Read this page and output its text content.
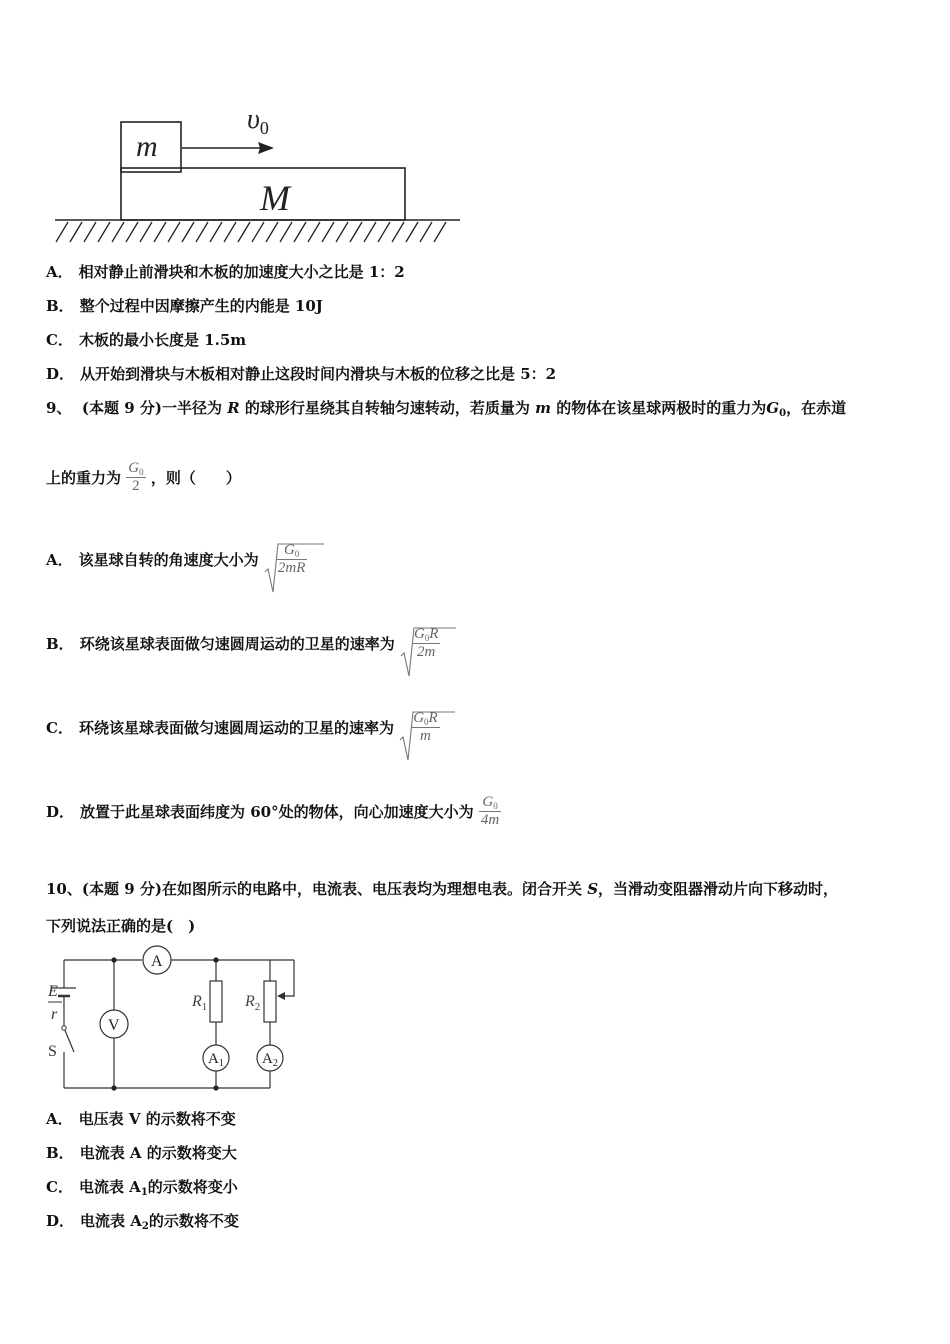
m
$\upsilon_0$
M
A． 相对静止前滑块和木板的加速度大小之比是 1：2
B． 整个过程中因摩擦产生的内能是 10J
C． 木板的最小长度是 1.5m
D． 从开始到滑块与木板相对静止这段时间内滑块与木板的位移之比是 5：2
9、 (本题 9 分)一半径为 R 的球形行星绕其自转轴匀速转动，若质量为 m 的物体在该星球两极时的重力为$G_0$，在赤道
上的重力为 $\frac{G_0}{2}$ ，则（　　）
A． 该星球自转的角速度大小为 $\frac{G_0}{2mR}$
B． 环绕该星球表面做匀速圆周运动的卫星的速率为 $\frac{G_0R}{2m}$
C． 环绕该星球表面做匀速圆周运动的卫星的速率为 $\frac{G_0R}{m}$
D． 放置于此星球表面纬度为 60°处的物体，向心加速度大小为 $\frac{G_0}{4m}$
10、(本题 9 分)在如图所示的电路中，电流表、电压表均为理想电表。闭合开关 S，当滑动变阻器滑动片向下移动时，
下列说法正确的是(　)
A
V
$R_1$ $R_2$
$A_1$	$A_2$
E
r
S
A． 电压表 V 的示数将不变
B． 电流表 A 的示数将变大
C． 电流表 $A_1$的示数将变小
D． 电流表 $A_2$的示数将不变
